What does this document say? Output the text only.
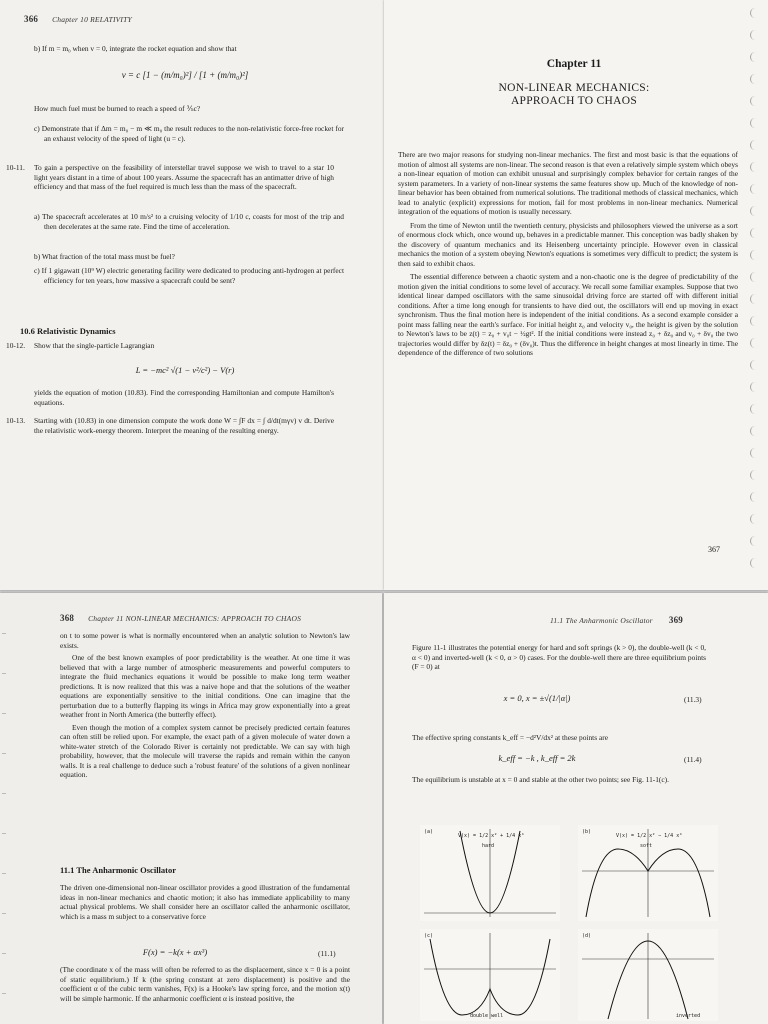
366 Chapter 10 RELATIVITY
b) If m = m₀ when v = 0, integrate the rocket equation and show that
v = c [1 − (m/m₀)²] / [1 + (m/m₀)²]
How much fuel must be burned to reach a speed of ⅗c?
c) Demonstrate that if Δm = m₀ − m ≪ m₀ the result reduces to the non-relativistic force-free rocket for an exhaust velocity of the speed of light (u = c).
10-11. To gain a perspective on the feasibility of interstellar travel suppose we wish to travel to a star 10 light years distant in a time of about 100 years. Assume the spacecraft has an antimatter drive of high efficiency and that mass of the fuel required is much less than the mass of the spacecraft.
a) The spacecraft accelerates at 10 m/s² to a cruising velocity of 1/10 c, coasts for most of the trip and then decelerates at the same rate. Find the time of acceleration.
b) What fraction of the total mass must be fuel?
c) If 1 gigawatt (10⁹ W) electric generating facility were dedicated to producing anti-hydrogen at perfect efficiency for ten years, how massive a spacecraft could be sent?
10.6 Relativistic Dynamics
10-12. Show that the single-particle Lagrangian
L = −mc² √(1 − v²/c²) − V(r)
yields the equation of motion (10.83). Find the corresponding Hamiltonian and compute Hamilton's equations.
10-13. Starting with (10.83) in one dimension compute the work done W = ∫F dx = ∫ d/dt(mγv) v dt. Derive the relativistic work-energy theorem. Interpret the meaning of the resulting energy.
Chapter 11
NON-LINEAR MECHANICS:
APPROACH TO CHAOS

There are two major reasons for studying non-linear mechanics. The first and most basic is that the equations of motion of almost all systems are non-linear. The second reason is that even a relatively simple system which obeys a non-linear equation of motion can exhibit unusual and surprisingly complex behavior for certain ranges of the system parameters. In a variety of non-linear systems the same features show up. Much of the knowledge of non-linear behavior has been obtained from numerical solutions. The traditional methods of classical mechanics, which lead to analytic (explicit) expressions for motion, fail for most problems in non-linear mechanics. Numerical integration of the equations of motion is usually necessary.

From the time of Newton until the twentieth century, physicists and philosophers viewed the universe as a sort of enormous clock which, once wound up, behaves in a predictable manner. This conception was badly shaken by the discovery of quantum mechanics and its Heisenberg uncertainty principle. However even in classical mechanics the motion of a system obeying Newton's equations is sometimes very difficult to predict; the system is then said to exhibit chaos.

The essential difference between a chaotic system and a non-chaotic one is the degree of predictability of the motion given the initial conditions to some level of accuracy. We recall some familiar examples. Suppose that two identical linear damped oscillators with the same sinusoidal driving force are started off with different initial conditions. After a time long enough for transients to have died out, the oscillators will end up moving in exact synchronism. Thus the final motion here is independent of the initial conditions. As a second example consider a point mass falling near the earth's surface. For initial height z₀ and velocity v₀, the height is given by the solution to Newton's laws to be z(t) = z₀ + v₀t − ½gt². If the initial conditions were instead z₀ + δz₀ and v₀ + δv₀ the two trajectories would differ by δz(t) = δz₀ + (δv₀)t. Thus the difference in height changes at most linearly in time. The dependence of the difference of two solutions

367
368 Chapter 11 NON-LINEAR MECHANICS: APPROACH TO CHAOS

on t to some power is what is normally encountered when an analytic solution to Newton's law exists.

One of the best known examples of poor predictability is the weather. At one time it was believed that with a large number of atmospheric measurements and powerful computers to integrate the fluid mechanics equations it would be possible to make long term weather predictions. It is now realized that this was a naive hope and that the solutions of the weather equations are exponentially sensitive to the initial conditions. One can imagine that the perturbation due to a butterfly flapping its wings in Africa may grow exponentially into a great weather front in North America (the butterfly effect).

Even though the motion of a complex system cannot be precisely predicted certain features can often still be relied upon. For example, the exact path of a given molecule of water down a white-water stretch of the Colorado River is certainly not predictable. We can say with high probability, however, that the molecule will traverse the rapids and remain within the canyon walls. It is a real challenge to deduce such a 'robust feature' of the solutions of a given nonlinear equation.

11.1 The Anharmonic Oscillator

The driven one-dimensional non-linear oscillator provides a good illustration of the fundamental ideas in non-linear mechanics and chaotic motion; it also has immediate applicability to many actual physical problems. We shall consider here an oscillator called the anharmonic oscillator, which is a mass m subject to a conservative force

F(x) = −k(x + αx³)	(11.1)

(The coordinate x of the mass will often be referred to as the displacement, since x = 0 is a point of static equilibrium.) If k (the spring constant at zero displacement) is positive and the coefficient α of the cubic term vanishes, F(x) is a Hooke's law spring force, and the motion x(t) will be simple harmonic. If the anharmonic coefficient α is instead positive, the

11.1 The Anharmonic Oscillator 369

Figure 11-1 illustrates the potential energy for hard and soft springs (k > 0), the double-well (k < 0, α < 0) and inverted-well (k < 0, α > 0) cases. For the double-well there are three equilibrium points (F = 0) at

x = 0, x = ±√(1/|α|)	(11.3)

The effective spring constants k_eff = −d²V/dx² at these points are

k_eff = −k , k_eff = 2k	(11.4)

The equilibrium is unstable at x = 0 and stable at the other two points; see Fig. 11-1(c).

(a)
V(x) = 1/2 x² + 1/4 x⁴
hard
(b)
V(x) = 1/2 x² − 1/4 x⁴
soft
(c)
double well
(d)
inverted
